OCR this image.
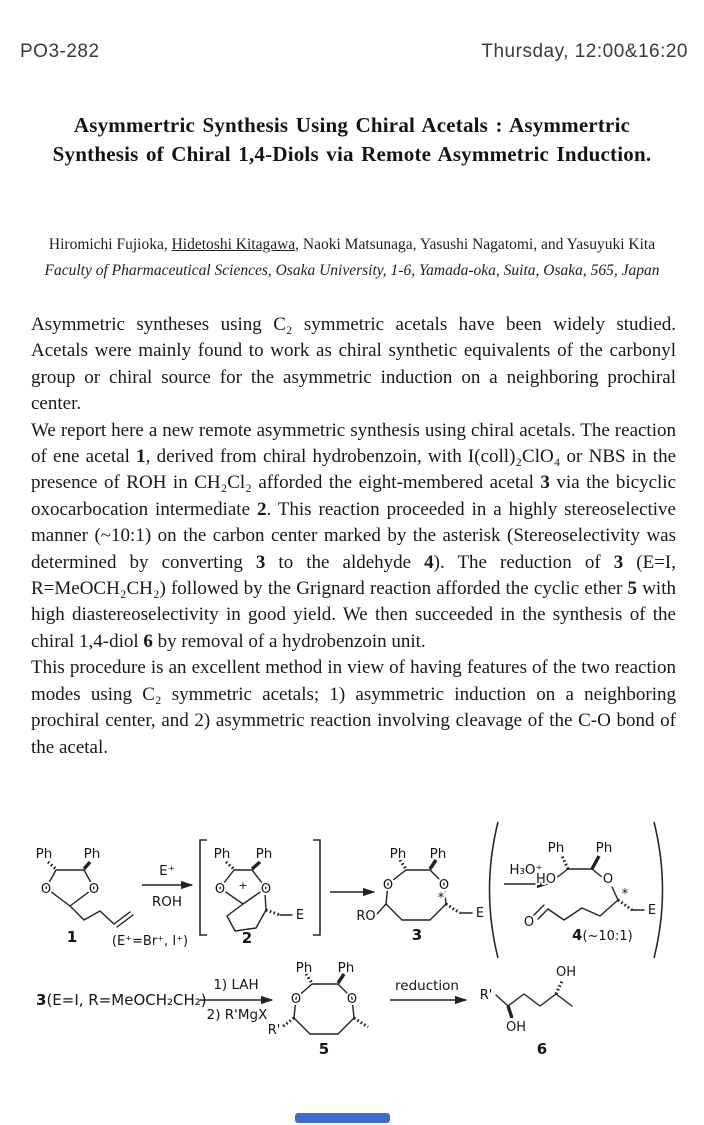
PO3-282	Thursday, 12:00&16:20
Asymmertric Synthesis Using Chiral Acetals : Asymmertric
Synthesis of Chiral 1,4-Diols via Remote Asymmetric Induction.
Hiromichi Fujioka, Hidetoshi Kitagawa, Naoki Matsunaga, Yasushi Nagatomi, and Yasuyuki Kita
Faculty of Pharmaceutical Sciences, Osaka University, 1-6, Yamada-oka, Suita, Osaka, 565, Japan

Asymmetric syntheses using C₂ symmetric acetals have been widely studied. Acetals were mainly found to work as chiral synthetic equivalents of the carbonyl group or chiral source for the asymmetric induction on a neighboring prochiral center.

We report here a new remote asymmetric synthesis using chiral acetals. The reaction of ene acetal 1, derived from chiral hydrobenzoin, with I(coll)₂ClO₄ or NBS in the presence of ROH in CH₂Cl₂ afforded the eight-membered acetal 3 via the bicyclic oxocarbocation intermediate 2. This reaction proceeded in a highly stereoselective manner (~10:1) on the carbon center marked by the asterisk (Stereoselectivity was determined by converting 3 to the aldehyde 4). The reduction of 3 (E=I, R=MeOCH₂CH₂) followed by the Grignard reaction afforded the cyclic ether 5 with high diastereoselectivity in good yield. We then succeeded in the synthesis of the chiral 1,4-diol 6 by removal of a hydrobenzoin unit.

This procedure is an excellent method in view of having features of the two reaction modes using C₂ symmetric acetals; 1) asymmetric induction on a neighboring prochiral center, and 2) asymmetric reaction involving cleavage of the C-O bond of the acetal.

Ph Ph
O	O
1
E⁺
ROH
(E⁺=Br⁺, I⁺)
Ph Ph
O	O
+
E
2
Ph Ph
O	O
RO
*
E
3
H₃O⁺
HO
Ph Ph
O
*
E
O
4(~10:1)
3(E=I, R=MeOCH₂CH₂)
1) LAH
2) R'MgX
Ph Ph
O	O
R'
5
reduction
R'
OH
OH
6
